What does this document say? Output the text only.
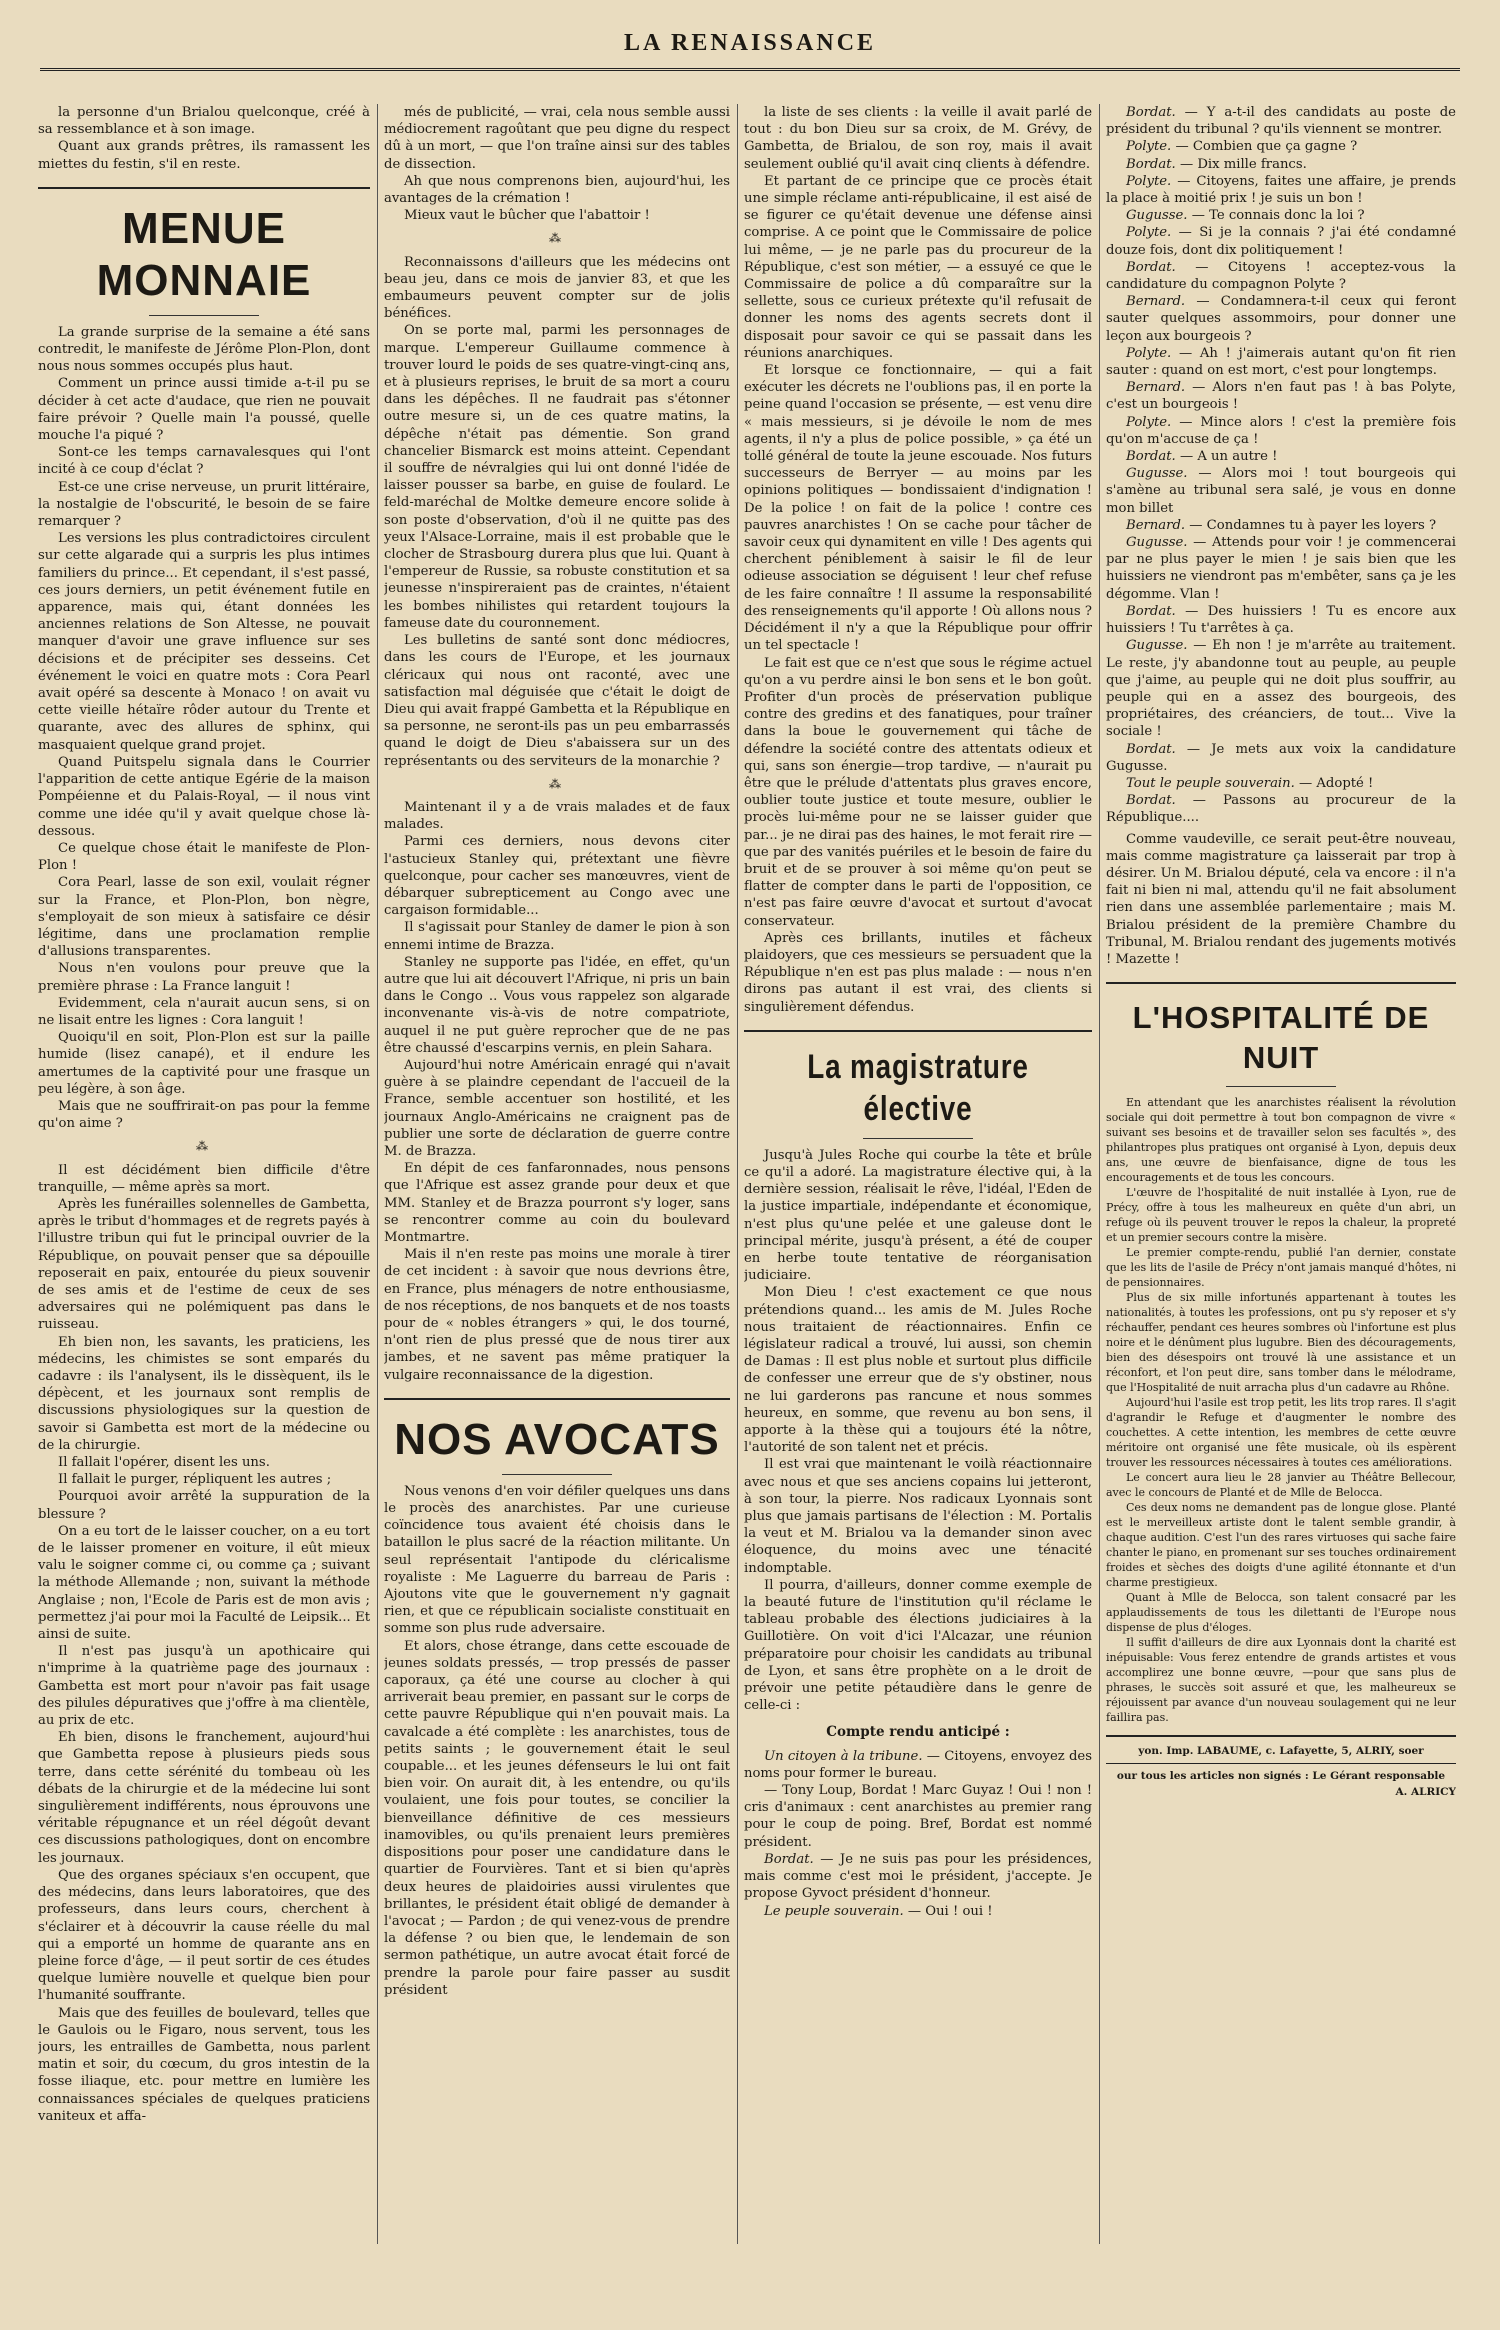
LA RENAISSANCE

la personne d'un Brialou quelconque, créé à sa ressemblance et à son image.

Quant aux grands prêtres, ils ramassent les miettes du festin, s'il en reste.

MENUE MONNAIE

La grande surprise de la semaine a été sans contredit, le manifeste de Jérôme Plon-Plon, dont nous nous sommes occupés plus haut.

Comment un prince aussi timide a-t-il pu se décider à cet acte d'audace, que rien ne pouvait faire prévoir ? Quelle main l'a poussé, quelle mouche l'a piqué ?

Sont-ce les temps carnavalesques qui l'ont incité à ce coup d'éclat ?

Est-ce une crise nerveuse, un prurit littéraire, la nostalgie de l'obscurité, le besoin de se faire remarquer ?

Les versions les plus contradictoires circulent sur cette algarade qui a surpris les plus intimes familiers du prince... Et cependant, il s'est passé, ces jours derniers, un petit événement futile en apparence, mais qui, étant données les anciennes relations de Son Altesse, ne pouvait manquer d'avoir une grave influence sur ses décisions et de précipiter ses desseins. Cet événement le voici en quatre mots : Cora Pearl avait opéré sa descente à Monaco ! on avait vu cette vieille hétaïre rôder autour du Trente et quarante, avec des allures de sphinx, qui masquaient quelque grand projet.

Quand Puitspelu signala dans le Courrier l'apparition de cette antique Egérie de la maison Pompéienne et du Palais-Royal, — il nous vint comme une idée qu'il y avait quelque chose là-dessous.

Ce quelque chose était le manifeste de Plon-Plon !

Cora Pearl, lasse de son exil, voulait régner sur la France, et Plon-Plon, bon nègre, s'employait de son mieux à satisfaire ce désir légitime, dans une proclamation remplie d'allusions transparentes.

Nous n'en voulons pour preuve que la première phrase : La France languit !

Evidemment, cela n'aurait aucun sens, si on ne lisait entre les lignes : Cora languit !

Quoiqu'il en soit, Plon-Plon est sur la paille humide (lisez canapé), et il endure les amertumes de la captivité pour une frasque un peu légère, à son âge.

Mais que ne souffrirait-on pas pour la femme qu'on aime ?

⁂

Il est décidément bien difficile d'être tranquille, — même après sa mort.

Après les funérailles solennelles de Gambetta, après le tribut d'hommages et de regrets payés à l'illustre tribun qui fut le principal ouvrier de la République, on pouvait penser que sa dépouille reposerait en paix, entourée du pieux souvenir de ses amis et de l'estime de ceux de ses adversaires qui ne polémiquent pas dans le ruisseau.

Eh bien non, les savants, les praticiens, les médecins, les chimistes se sont emparés du cadavre : ils l'analysent, ils le dissèquent, ils le dépècent, et les journaux sont remplis de discussions physiologiques sur la question de savoir si Gambetta est mort de la médecine ou de la chirurgie.

Il fallait l'opérer, disent les uns.

Il fallait le purger, répliquent les autres ;

Pourquoi avoir arrêté la suppuration de la blessure ?

On a eu tort de le laisser coucher, on a eu tort de le laisser promener en voiture, il eût mieux valu le soigner comme ci, ou comme ça ; suivant la méthode Allemande ; non, suivant la méthode Anglaise ; non, l'Ecole de Paris est de mon avis ; permettez j'ai pour moi la Faculté de Leipsik... Et ainsi de suite.

Il n'est pas jusqu'à un apothicaire qui n'imprime à la quatrième page des journaux : Gambetta est mort pour n'avoir pas fait usage des pilules dépuratives que j'offre à ma clientèle, au prix de etc.

Eh bien, disons le franchement, aujourd'hui que Gambetta repose à plusieurs pieds sous terre, dans cette sérénité du tombeau où les débats de la chirurgie et de la médecine lui sont singulièrement indifférents, nous éprouvons une véritable répugnance et un réel dégoût devant ces discussions pathologiques, dont on encombre les journaux.

Que des organes spéciaux s'en occupent, que des médecins, dans leurs laboratoires, que des professeurs, dans leurs cours, cherchent à s'éclairer et à découvrir la cause réelle du mal qui a emporté un homme de quarante ans en pleine force d'âge, — il peut sortir de ces études quelque lumière nouvelle et quelque bien pour l'humanité souffrante.

Mais que des feuilles de boulevard, telles que le Gaulois ou le Figaro, nous servent, tous les jours, les entrailles de Gambetta, nous parlent matin et soir, du cœcum, du gros intestin de la fosse iliaque, etc. pour mettre en lumière les connaissances spéciales de quelques praticiens vaniteux et affa-

més de publicité, — vrai, cela nous semble aussi médiocrement ragoûtant que peu digne du respect dû à un mort, — que l'on traîne ainsi sur des tables de dissection.

Ah que nous comprenons bien, aujourd'hui, les avantages de la crémation !

Mieux vaut le bûcher que l'abattoir !

⁂

Reconnaissons d'ailleurs que les médecins ont beau jeu, dans ce mois de janvier 83, et que les embaumeurs peuvent compter sur de jolis bénéfices.

On se porte mal, parmi les personnages de marque. L'empereur Guillaume commence à trouver lourd le poids de ses quatre-vingt-cinq ans, et à plusieurs reprises, le bruit de sa mort a couru dans les dépêches. Il ne faudrait pas s'étonner outre mesure si, un de ces quatre matins, la dépêche n'était pas démentie. Son grand chancelier Bismarck est moins atteint. Cependant il souffre de névralgies qui lui ont donné l'idée de laisser pousser sa barbe, en guise de foulard. Le feld-maréchal de Moltke demeure encore solide à son poste d'observation, d'où il ne quitte pas des yeux l'Alsace-Lorraine, mais il est probable que le clocher de Strasbourg durera plus que lui. Quant à l'empereur de Russie, sa robuste constitution et sa jeunesse n'inspireraient pas de craintes, n'étaient les bombes nihilistes qui retardent toujours la fameuse date du couronnement.

Les bulletins de santé sont donc médiocres, dans les cours de l'Europe, et les journaux cléricaux qui nous ont raconté, avec une satisfaction mal déguisée que c'était le doigt de Dieu qui avait frappé Gambetta et la République en sa personne, ne seront-ils pas un peu embarrassés quand le doigt de Dieu s'abaissera sur un des représentants ou des serviteurs de la monarchie ?

⁂

Maintenant il y a de vrais malades et de faux malades.

Parmi ces derniers, nous devons citer l'astucieux Stanley qui, prétextant une fièvre quelconque, pour cacher ses manœuvres, vient de débarquer subrepticement au Congo avec une cargaison formidable...

Il s'agissait pour Stanley de damer le pion à son ennemi intime de Brazza.

Stanley ne supporte pas l'idée, en effet, qu'un autre que lui ait découvert l'Afrique, ni pris un bain dans le Congo .. Vous vous rappelez son algarade inconvenante vis-à-vis de notre compatriote, auquel il ne put guère reprocher que de ne pas être chaussé d'escarpins vernis, en plein Sahara.

Aujourd'hui notre Américain enragé qui n'avait guère à se plaindre cependant de l'accueil de la France, semble accentuer son hostilité, et les journaux Anglo-Américains ne craignent pas de publier une sorte de déclaration de guerre contre M. de Brazza.

En dépit de ces fanfaronnades, nous pensons que l'Afrique est assez grande pour deux et que MM. Stanley et de Brazza pourront s'y loger, sans se rencontrer comme au coin du boulevard Montmartre.

Mais il n'en reste pas moins une morale à tirer de cet incident : à savoir que nous devrions être, en France, plus ménagers de notre enthousiasme, de nos réceptions, de nos banquets et de nos toasts pour de « nobles étrangers » qui, le dos tourné, n'ont rien de plus pressé que de nous tirer aux jambes, et ne savent pas même pratiquer la vulgaire reconnaissance de la digestion.

NOS AVOCATS

Nous venons d'en voir défiler quelques uns dans le procès des anarchistes. Par une curieuse coïncidence tous avaient été choisis dans le bataillon le plus sacré de la réaction militante. Un seul représentait l'antipode du cléricalisme royaliste : Me Laguerre du barreau de Paris : Ajoutons vite que le gouvernement n'y gagnait rien, et que ce républicain socialiste constituait en somme son plus rude adversaire.

Et alors, chose étrange, dans cette escouade de jeunes soldats pressés, — trop pressés de passer caporaux, ça été une course au clocher à qui arriverait beau premier, en passant sur le corps de cette pauvre République qui n'en pouvait mais. La cavalcade a été complète : les anarchistes, tous de petits saints ; le gouvernement était le seul coupable... et les jeunes défenseurs le lui ont fait bien voir. On aurait dit, à les entendre, ou qu'ils voulaient, une fois pour toutes, se concilier la bienveillance définitive de ces messieurs inamovibles, ou qu'ils prenaient leurs premières dispositions pour poser une candidature dans le quartier de Fourvières. Tant et si bien qu'après deux heures de plaidoiries aussi virulentes que brillantes, le président était obligé de demander à l'avocat ; — Pardon ; de qui venez-vous de prendre la défense ? ou bien que, le lendemain de son sermon pathétique, un autre avocat était forcé de prendre la parole pour faire passer au susdit président

la liste de ses clients : la veille il avait parlé de tout : du bon Dieu sur sa croix, de M. Grévy, de Gambetta, de Brialou, de son roy, mais il avait seulement oublié qu'il avait cinq clients à défendre.

Et partant de ce principe que ce procès était une simple réclame anti-républicaine, il est aisé de se figurer ce qu'était devenue une défense ainsi comprise. A ce point que le Commissaire de police lui même, — je ne parle pas du procureur de la République, c'est son métier, — a essuyé ce que le Commissaire de police a dû comparaître sur la sellette, sous ce curieux prétexte qu'il refusait de donner les noms des agents secrets dont il disposait pour savoir ce qui se passait dans les réunions anarchiques.

Et lorsque ce fonctionnaire, — qui a fait exécuter les décrets ne l'oublions pas, il en porte la peine quand l'occasion se présente, — est venu dire « mais messieurs, si je dévoile le nom de mes agents, il n'y a plus de police possible, » ça été un tollé général de toute la jeune escouade. Nos futurs successeurs de Berryer — au moins par les opinions politiques — bondissaient d'indignation ! De la police ! on fait de la police ! contre ces pauvres anarchistes ! On se cache pour tâcher de savoir ceux qui dynamitent en ville ! Des agents qui cherchent péniblement à saisir le fil de leur odieuse association se déguisent ! leur chef refuse de les faire connaître ! Il assume la responsabilité des renseignements qu'il apporte ! Où allons nous ? Décidément il n'y a que la République pour offrir un tel spectacle !

Le fait est que ce n'est que sous le régime actuel qu'on a vu perdre ainsi le bon sens et le bon goût. Profiter d'un procès de préservation publique contre des gredins et des fanatiques, pour traîner dans la boue le gouvernement qui tâche de défendre la société contre des attentats odieux et qui, sans son énergie—trop tardive, — n'aurait pu être que le prélude d'attentats plus graves encore, oublier toute justice et toute mesure, oublier le procès lui-même pour ne se laisser guider que par... je ne dirai pas des haines, le mot ferait rire — que par des vanités puériles et le besoin de faire du bruit et de se prouver à soi même qu'on peut se flatter de compter dans le parti de l'opposition, ce n'est pas faire œuvre d'avocat et surtout d'avocat conservateur.

Après ces brillants, inutiles et fâcheux plaidoyers, que ces messieurs se persuadent que la République n'en est pas plus malade : — nous n'en dirons pas autant il est vrai, des clients si singulièrement défendus.

La magistrature élective

Jusqu'à Jules Roche qui courbe la tête et brûle ce qu'il a adoré. La magistrature élective qui, à la dernière session, réalisait le rêve, l'idéal, l'Eden de la justice impartiale, indépendante et économique, n'est plus qu'une pelée et une galeuse dont le principal mérite, jusqu'à présent, a été de couper en herbe toute tentative de réorganisation judiciaire.

Mon Dieu ! c'est exactement ce que nous prétendions quand... les amis de M. Jules Roche nous traitaient de réactionnaires. Enfin ce législateur radical a trouvé, lui aussi, son chemin de Damas : Il est plus noble et surtout plus difficile de confesser une erreur que de s'y obstiner, nous ne lui garderons pas rancune et nous sommes heureux, en somme, que revenu au bon sens, il apporte à la thèse qui a toujours été la nôtre, l'autorité de son talent net et précis.

Il est vrai que maintenant le voilà réactionnaire avec nous et que ses anciens copains lui jetteront, à son tour, la pierre. Nos radicaux Lyonnais sont plus que jamais partisans de l'élection : M. Portalis la veut et M. Brialou va la demander sinon avec éloquence, du moins avec une ténacité indomptable.

Il pourra, d'ailleurs, donner comme exemple de la beauté future de l'institution qu'il réclame le tableau probable des élections judiciaires à la Guillotière. On voit d'ici l'Alcazar, une réunion préparatoire pour choisir les candidats au tribunal de Lyon, et sans être prophète on a le droit de prévoir une petite pétaudière dans le genre de celle-ci :

Compte rendu anticipé :

Un citoyen à la tribune. — Citoyens, envoyez des noms pour former le bureau.

— Tony Loup, Bordat ! Marc Guyaz ! Oui ! non ! cris d'animaux : cent anarchistes au premier rang pour le coup de poing. Bref, Bordat est nommé président.

Bordat. — Je ne suis pas pour les présidences, mais comme c'est moi le président, j'accepte. Je propose Gyvoct président d'honneur.

Le peuple souverain. — Oui ! oui !

Bordat. — Y a-t-il des candidats au poste de président du tribunal ? qu'ils viennent se montrer.

Polyte. — Combien que ça gagne ?

Bordat. — Dix mille francs.

Polyte. — Citoyens, faites une affaire, je prends la place à moitié prix ! je suis un bon !

Gugusse. — Te connais donc la loi ?

Polyte. — Si je la connais ? j'ai été condamné douze fois, dont dix politiquement !

Bordat. — Citoyens ! acceptez-vous la candidature du compagnon Polyte ?

Bernard. — Condamnera-t-il ceux qui feront sauter quelques assommoirs, pour donner une leçon aux bourgeois ?

Polyte. — Ah ! j'aimerais autant qu'on fit rien sauter : quand on est mort, c'est pour longtemps.

Bernard. — Alors n'en faut pas ! à bas Polyte, c'est un bourgeois !

Polyte. — Mince alors ! c'est la première fois qu'on m'accuse de ça !

Bordat. — A un autre !

Gugusse. — Alors moi ! tout bourgeois qui s'amène au tribunal sera salé, je vous en donne mon billet

Bernard. — Condamnes tu à payer les loyers ?

Gugusse. — Attends pour voir ! je commencerai par ne plus payer le mien ! je sais bien que les huissiers ne viendront pas m'embêter, sans ça je les dégomme. Vlan !

Bordat. — Des huissiers ! Tu es encore aux huissiers ! Tu t'arrêtes à ça.

Gugusse. — Eh non ! je m'arrête au traitement. Le reste, j'y abandonne tout au peuple, au peuple que j'aime, au peuple qui ne doit plus souffrir, au peuple qui en a assez des bourgeois, des propriétaires, des créanciers, de tout... Vive la sociale !

Bordat. — Je mets aux voix la candidature Gugusse.

Tout le peuple souverain. — Adopté !

Bordat. — Passons au procureur de la République....

Comme vaudeville, ce serait peut-être nouveau, mais comme magistrature ça laisserait par trop à désirer. Un M. Brialou député, cela va encore : il n'a fait ni bien ni mal, attendu qu'il ne fait absolument rien dans une assemblée parlementaire ; mais M. Brialou président de la première Chambre du Tribunal, M. Brialou rendant des jugements motivés ! Mazette !

L'HOSPITALITÉ DE NUIT

En attendant que les anarchistes réalisent la révolution sociale qui doit permettre à tout bon compagnon de vivre « suivant ses besoins et de travailler selon ses facultés », des philantropes plus pratiques ont organisé à Lyon, depuis deux ans, une œuvre de bienfaisance, digne de tous les encouragements et de tous les concours.

L'œuvre de l'hospitalité de nuit installée à Lyon, rue de Précy, offre à tous les malheureux en quête d'un abri, un refuge où ils peuvent trouver le repos la chaleur, la propreté et un premier secours contre la misère.

Le premier compte-rendu, publié l'an dernier, constate que les lits de l'asile de Précy n'ont jamais manqué d'hôtes, ni de pensionnaires.

Plus de six mille infortunés appartenant à toutes les nationalités, à toutes les professions, ont pu s'y reposer et s'y réchauffer, pendant ces heures sombres où l'infortune est plus noire et le dénûment plus lugubre. Bien des découragements, bien des désespoirs ont trouvé là une assistance et un réconfort, et l'on peut dire, sans tomber dans le mélodrame, que l'Hospitalité de nuit arracha plus d'un cadavre au Rhône.

Aujourd'hui l'asile est trop petit, les lits trop rares. Il s'agit d'agrandir le Refuge et d'augmenter le nombre des couchettes. A cette intention, les membres de cette œuvre méritoire ont organisé une fête musicale, où ils espèrent trouver les ressources nécessaires à toutes ces améliorations.

Le concert aura lieu le 28 janvier au Théâtre Bellecour, avec le concours de Planté et de Mlle de Belocca.

Ces deux noms ne demandent pas de longue glose. Planté est le merveilleux artiste dont le talent semble grandir, à chaque audition. C'est l'un des rares virtuoses qui sache faire chanter le piano, en promenant sur ses touches ordinairement froides et sèches des doigts d'une agilité étonnante et d'un charme prestigieux.

Quant à Mlle de Belocca, son talent consacré par les applaudissements de tous les dilettanti de l'Europe nous dispense de plus d'éloges.

Il suffit d'ailleurs de dire aux Lyonnais dont la charité est inépuisable: Vous ferez entendre de grands artistes et vous accomplirez une bonne œuvre, —pour que sans plus de phrases, le succès soit assuré et que, les malheureux se réjouissent par avance d'un nouveau soulagement qui ne leur faillira pas.

yon. Imp. LABAUME, c. Lafayette, 5, ALRIY, soer
our tous les articles non signés : Le Gérant responsable
A. ALRICY
